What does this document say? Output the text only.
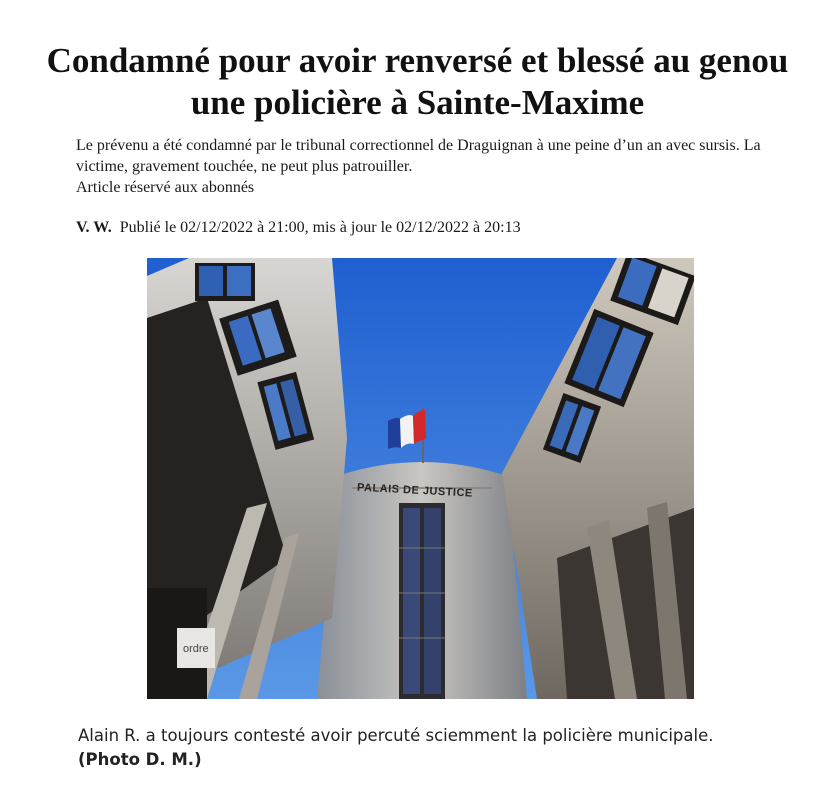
Condamné pour avoir renversé et blessé au genou une policière à Sainte-Maxime

Le prévenu a été condamné par le tribunal correctionnel de Draguignan à une peine d’un an avec sursis. La victime, gravement touchée, ne peut plus patrouiller.

Article réservé aux abonnés

V. W. Publié le 02/12/2022 à 21:00, mis à jour le 02/12/2022 à 20:13
PALAIS DE JUSTICE
ordre
Alain R. a toujours contesté avoir percuté sciemment la policière municipale. (Photo D. M.)
